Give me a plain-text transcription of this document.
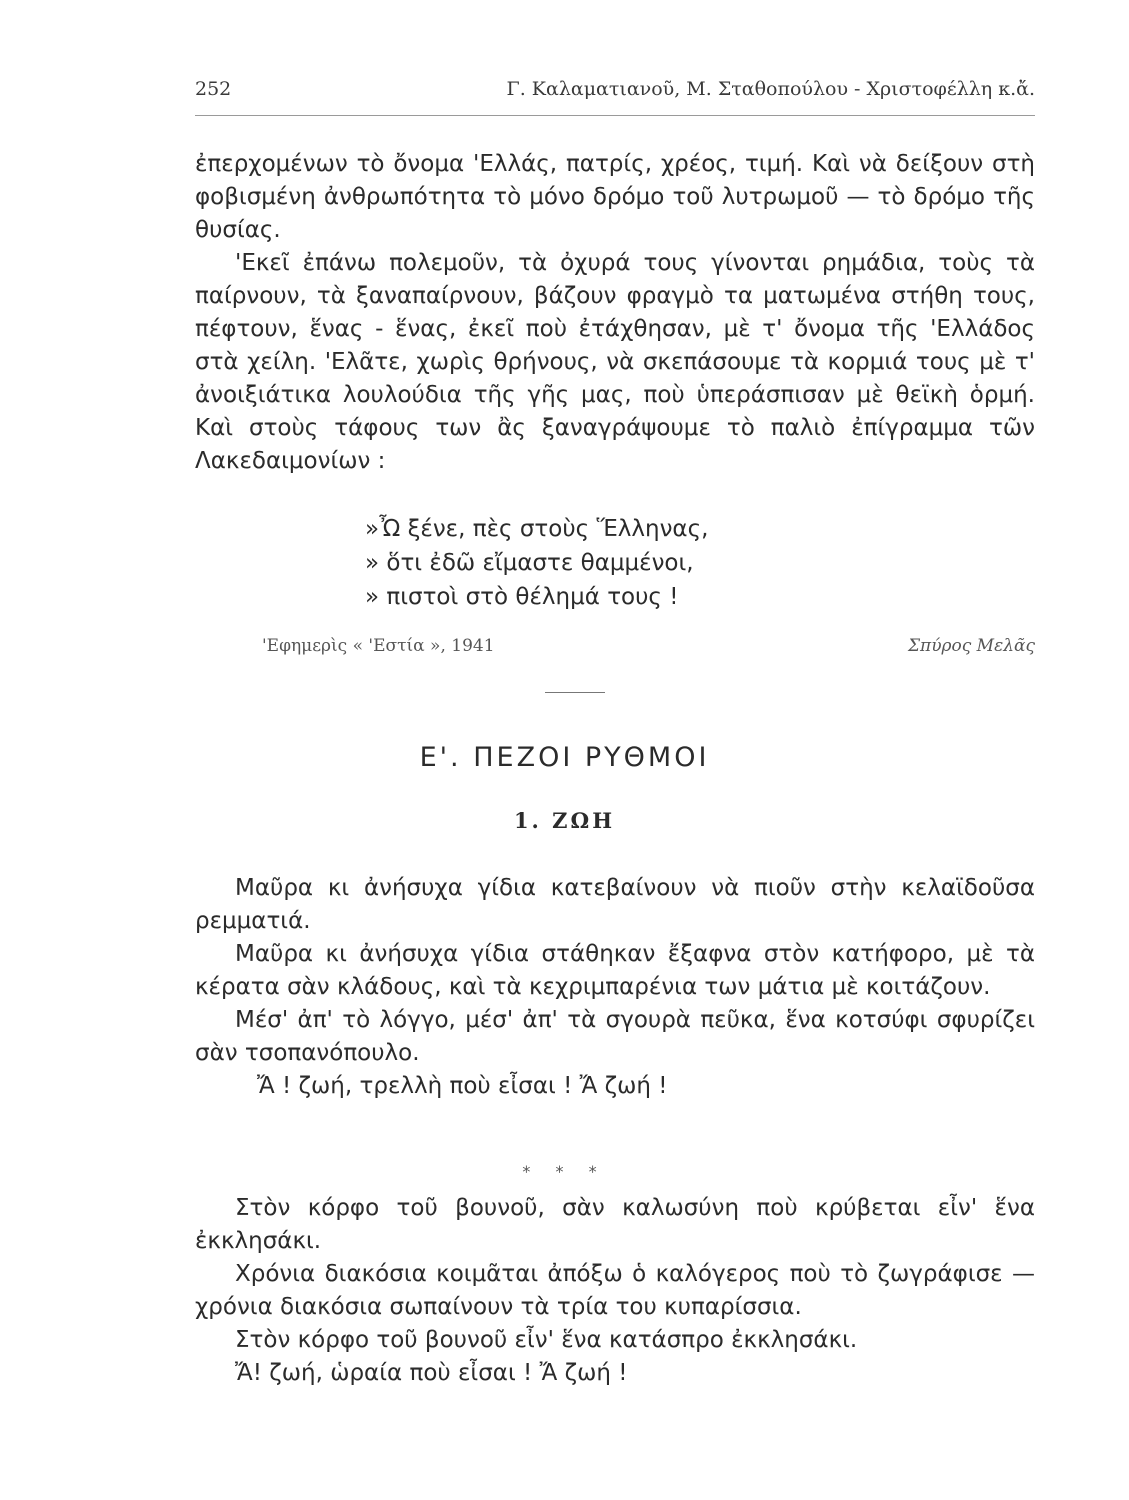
252	Γ. Καλαματιανοῦ, Μ. Σταθοπούλου - Χριστοφέλλη κ.ἄ.

ἐπερχομένων τὸ ὄνομα 'Ελλάς, πατρίς, χρέος, τιμή. Καὶ νὰ δείξουν στὴ φοβισμένη ἀνθρωπότητα τὸ μόνο δρόμο τοῦ λυτρωμοῦ — τὸ δρόμο τῆς θυσίας.

'Εκεῖ ἐπάνω πολεμοῦν, τὰ ὀχυρά τους γίνονται ρημάδια, τοὺς τὰ παίρνουν, τὰ ξαναπαίρνουν, βάζουν φραγμὸ τα ματωμένα στήθη τους, πέφτουν, ἕνας - ἕνας, ἐκεῖ ποὺ ἐτάχθησαν, μὲ τ' ὄνομα τῆς 'Ελλάδος στὰ χείλη. 'Ελᾶτε, χωρὶς θρήνους, νὰ σκεπάσουμε τὰ κορμιά τους μὲ τ' ἀνοιξιάτικα λουλούδια τῆς γῆς μας, ποὺ ὑπεράσπισαν μὲ θεϊκὴ ὁρμή. Καὶ στοὺς τάφους των ἂς ξαναγράψουμε τὸ παλιὸ ἐπίγραμμα τῶν Λακεδαιμονίων :

»Ὦ ξένε, πὲς στοὺς Ἕλληνας,
» ὅτι ἐδῶ εἴμαστε θαμμένοι,
» πιστοὶ στὸ θέλημά τους !
'Εφημερὶς « 'Εστία », 1941	Σπύρος Μελᾶς
Ε'. ΠΕΖΟΙ ΡΥΘΜΟΙ
1. ΖΩΗ

Μαῦρα κι ἀνήσυχα γίδια κατεβαίνουν νὰ πιοῦν στὴν κελαϊδοῦσα ρεμματιά.

Μαῦρα κι ἀνήσυχα γίδια στάθηκαν ἔξαφνα στὸν κατήφορο, μὲ τὰ κέρατα σὰν κλάδους, καὶ τὰ κεχριμπαρένια των μάτια μὲ κοιτάζουν.

Μέσ' ἀπ' τὸ λόγγο, μέσ' ἀπ' τὰ σγουρὰ πεῦκα, ἕνα κοτσύφι σφυρίζει σὰν τσοπανόπουλο.

Ἄ ! ζωή, τρελλὴ ποὺ εἶσαι ! Ἄ ζωή !

* * *

Στὸν κόρφο τοῦ βουνοῦ, σὰν καλωσύνη ποὺ κρύβεται εἶν' ἕνα ἐκκλησάκι.

Χρόνια διακόσια κοιμᾶται ἀπόξω ὁ καλόγερος ποὺ τὸ ζωγράφισε — χρόνια διακόσια σωπαίνουν τὰ τρία του κυπαρίσσια.

Στὸν κόρφο τοῦ βουνοῦ εἶν' ἕνα κατάσπρο ἐκκλησάκι.

Ἄ! ζωή, ὡραία ποὺ εἶσαι ! Ἄ ζωή !
